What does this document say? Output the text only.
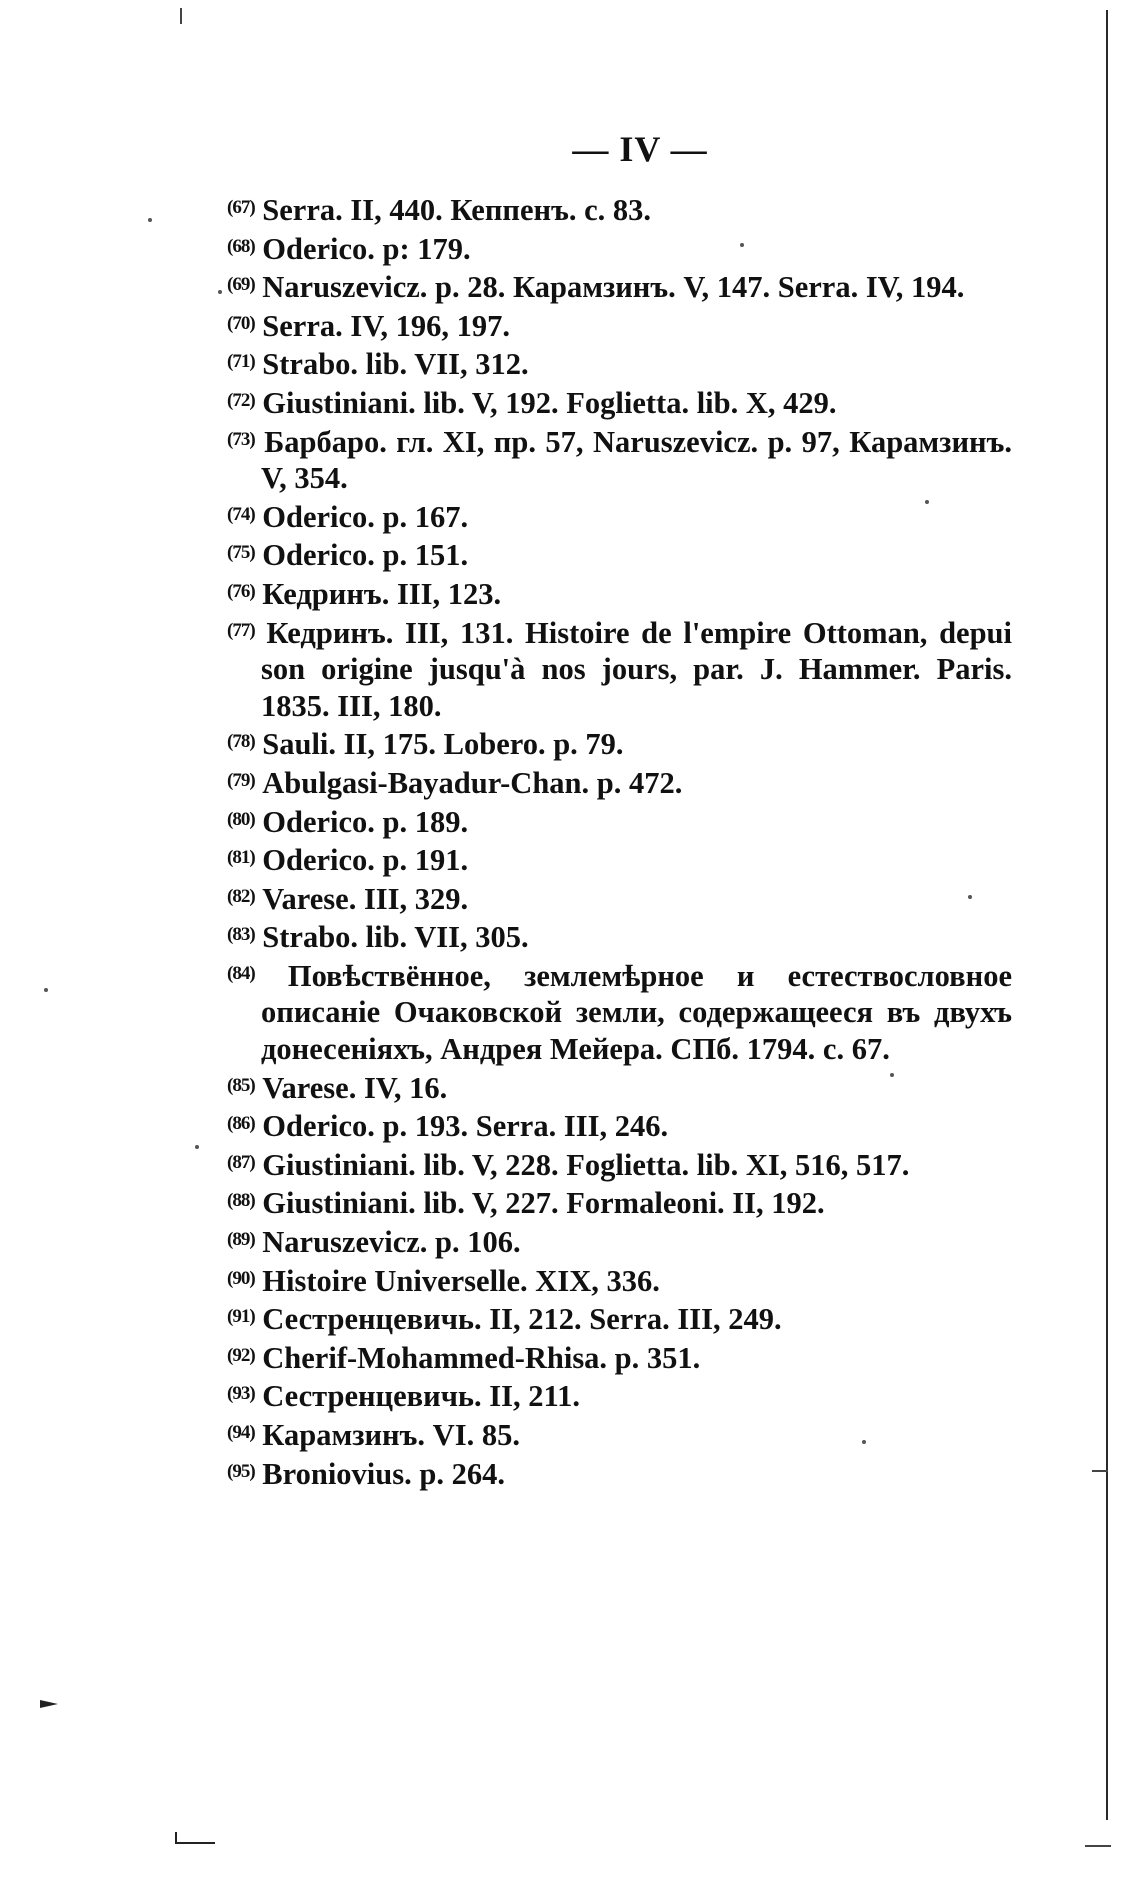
— IV —

$^{(67)}$ Serra. II, 440. Кеппенъ. с. 83.

$^{(68)}$ Oderico. p: 179.

$^{(69)}$ Naruszevicz. p. 28. Карамзинъ. V, 147. Serra. IV, 194.

$^{(70)}$ Serra. IV, 196, 197.

$^{(71)}$ Strabo. lib. VII, 312.

$^{(72)}$ Giustiniani. lib. V, 192. Foglietta. lib. X, 429.

$^{(73)}$ Барбаро. гл. XI, пр. 57, Naruszevicz. p. 97, Карамзинъ. V, 354.

$^{(74)}$ Oderico. p. 167.

$^{(75)}$ Oderico. p. 151.

$^{(76)}$ Кедринъ. III, 123.

$^{(77)}$ Кедринъ. III, 131. Histoire de l'empire Ottoman, depui son origine jusqu'à nos jours, par. J. Hammer. Paris. 1835. III, 180.

$^{(78)}$ Sauli. II, 175. Lobero. p. 79.

$^{(79)}$ Abulgasi-Bayadur-Chan. p. 472.

$^{(80)}$ Oderico. p. 189.

$^{(81)}$ Oderico. p. 191.

$^{(82)}$ Varese. III, 329.

$^{(83)}$ Strabo. lib. VII, 305.

$^{(84)}$ Повѣствённое, землемѣрное и естествословное описаніе Очаковской земли, содержащееся въ двухъ донесеніяхъ, Андрея Мейера. СПб. 1794. с. 67.

$^{(85)}$ Varese. IV, 16.

$^{(86)}$ Oderico. p. 193. Serra. III, 246.

$^{(87)}$ Giustiniani. lib. V, 228. Foglietta. lib. XI, 516, 517.

$^{(88)}$ Giustiniani. lib. V, 227. Formaleoni. II, 192.

$^{(89)}$ Naruszevicz. p. 106.

$^{(90)}$ Histoire Universelle. XIX, 336.

$^{(91)}$ Сестренцевичь. II, 212. Serra. III, 249.

$^{(92)}$ Cherif-Mohammed-Rhisa. p. 351.

$^{(93)}$ Сестренцевичь. II, 211.

$^{(94)}$ Карамзинъ. VI. 85.

$^{(95)}$ Broniovius. p. 264.
